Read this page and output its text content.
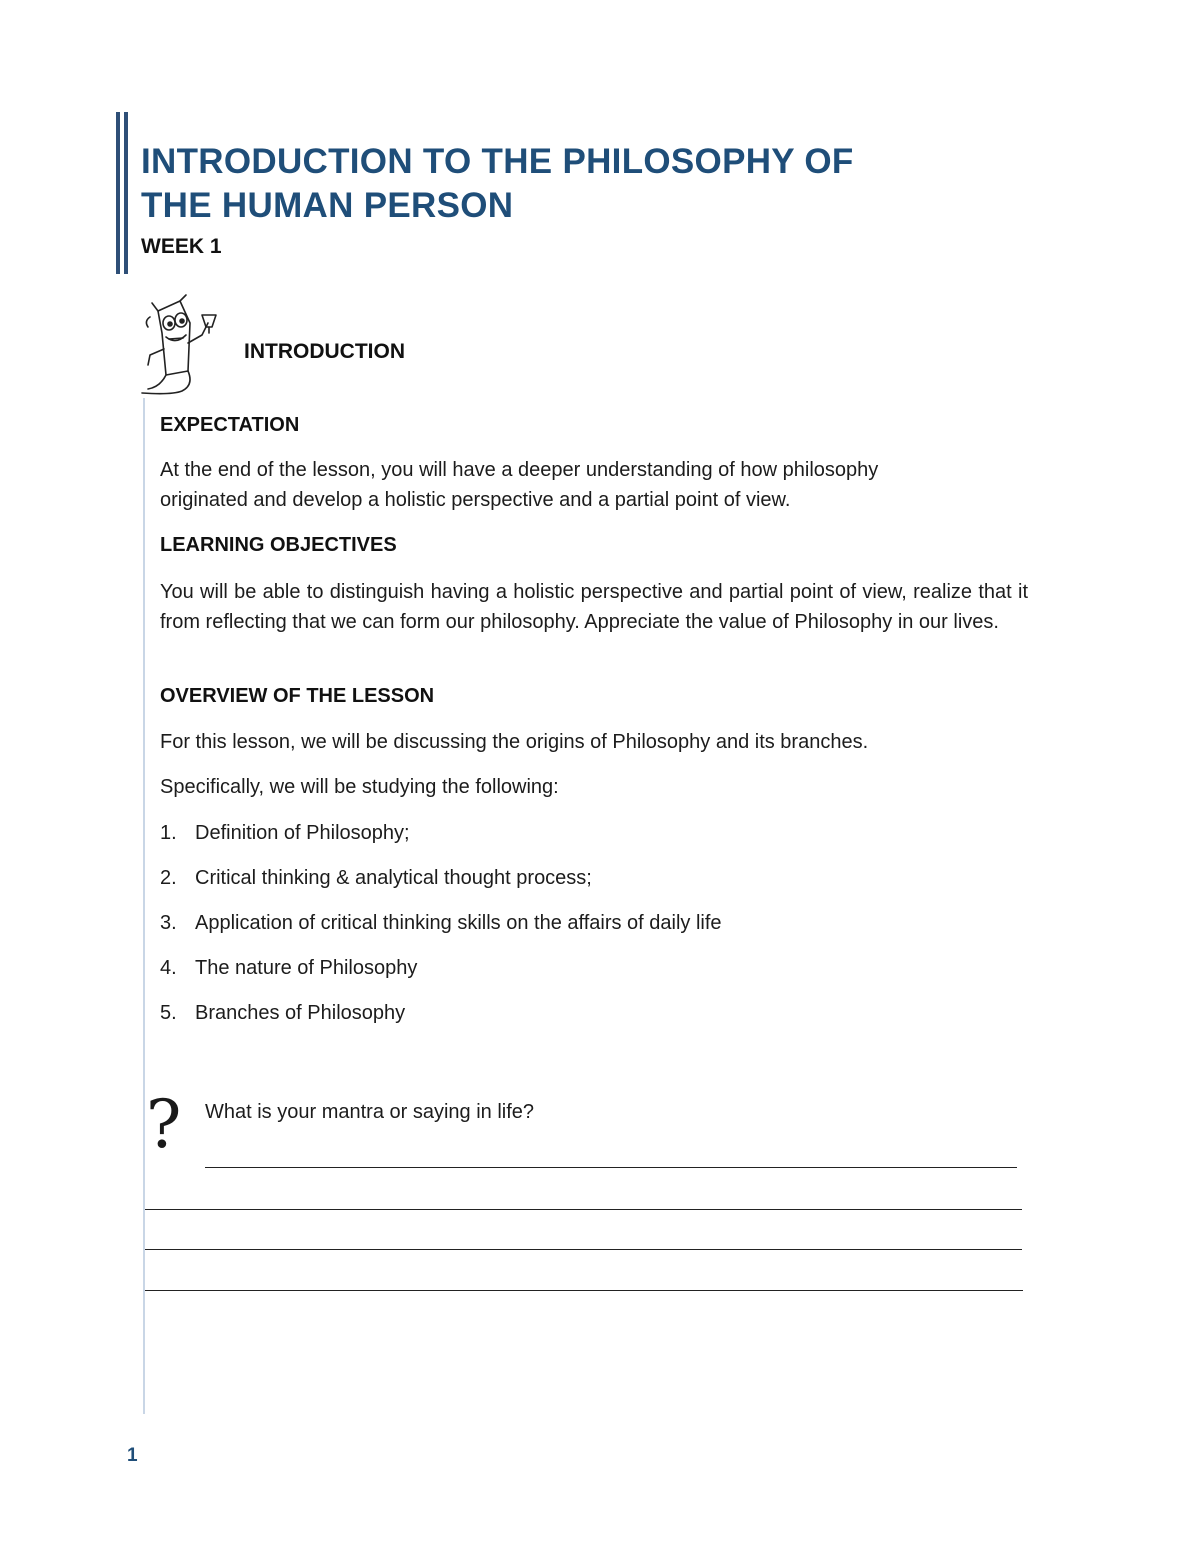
INTRODUCTION TO THE PHILOSOPHY OF
THE HUMAN PERSON
WEEK 1
INTRODUCTION
EXPECTATION
At the end of the lesson, you will have a deeper understanding of how philosophy
originated and develop a holistic perspective and a partial point of view.
LEARNING OBJECTIVES
You will be able to distinguish having a holistic perspective and partial point of view, realize that it from reflecting that we can form our philosophy. Appreciate the value of Philosophy in our lives.
OVERVIEW OF THE LESSON
For this lesson, we will be discussing the origins of Philosophy and its branches.
Specifically, we will be studying the following:
1. Definition of Philosophy;
2. Critical thinking & analytical thought process;
3. Application of critical thinking skills on the affairs of daily life
4. The nature of Philosophy
5. Branches of Philosophy
? What is your mantra or saying in life?
1
